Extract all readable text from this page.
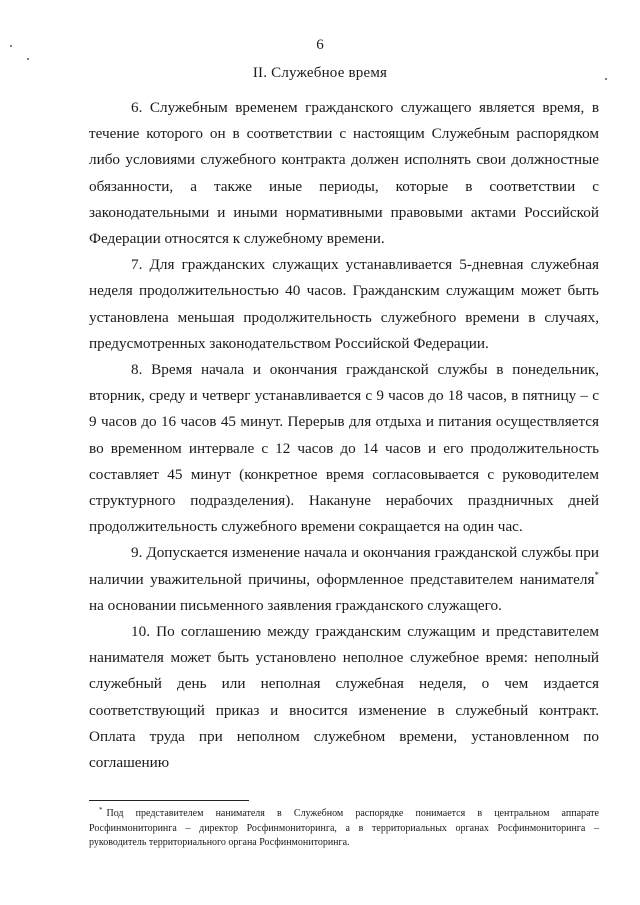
6
II. Служебное время

6. Служебным временем гражданского служащего является время, в течение которого он в соответствии с настоящим Служебным распорядком либо условиями служебного контракта должен исполнять свои должностные обязанности, а также иные периоды, которые в соответствии с законодательными и иными нормативными правовыми актами Российской Федерации относятся к служебному времени.

7. Для гражданских служащих устанавливается 5-дневная служебная неделя продолжительностью 40 часов. Гражданским служащим может быть установлена меньшая продолжительность служебного времени в случаях, предусмотренных законодательством Российской Федерации.

8. Время начала и окончания гражданской службы в понедельник, вторник, среду и четверг устанавливается с 9 часов до 18 часов, в пятницу – с 9 часов до 16 часов 45 минут. Перерыв для отдыха и питания осуществляется во временном интервале с 12 часов до 14 часов и его продолжительность составляет 45 минут (конкретное время согласовывается с руководителем структурного подразделения). Накануне нерабочих праздничных дней продолжительность служебного времени сокращается на один час.

9. Допускается изменение начала и окончания гражданской службы при наличии уважительной причины, оформленное представителем нанимателя* на основании письменного заявления гражданского служащего.

10. По соглашению между гражданским служащим и представителем нанимателя может быть установлено неполное служебное время: неполный служебный день или неполная служебная неделя, о чем издается соответствующий приказ и вносится изменение в служебный контракт. Оплата труда при неполном служебном времени, установленном по соглашению

* Под представителем нанимателя в Служебном распорядке понимается в центральном аппарате Росфинмониторинга – директор Росфинмониторинга, а в территориальных органах Росфинмониторинга – руководитель территориального органа Росфинмониторинга.
